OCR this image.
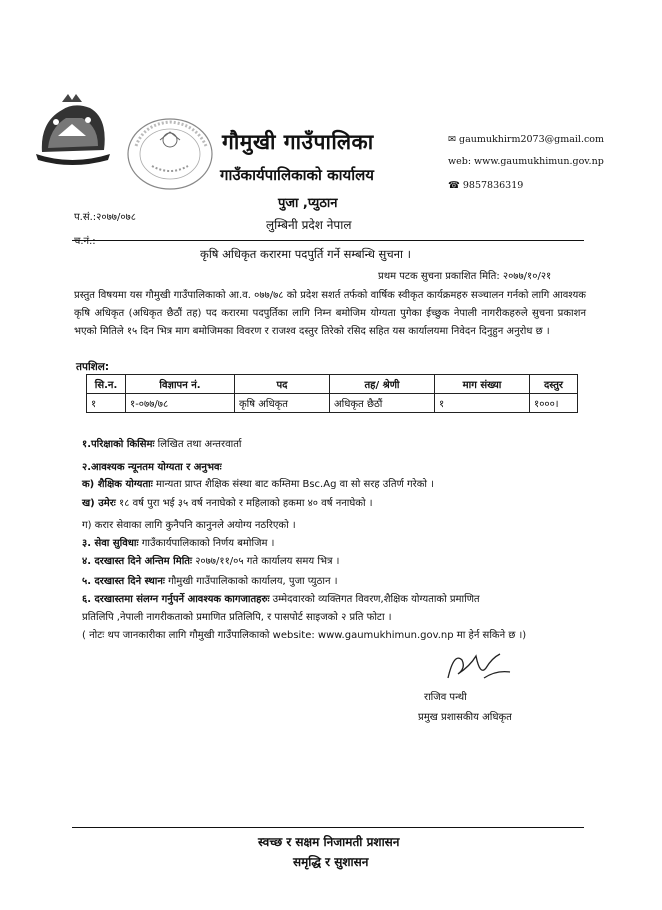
गौमुखी गाउँपालिका
गाउँकार्यपालिकाको कार्यालय
पुजा ,प्युठान
लुम्बिनी प्रदेश नेपाल
✉ gaumukhirm2073@gmail.com
web: www.gaumukhimun.gov.np
☎ 9857836319
प.सं.:२०७७/०७८
च.नं.:
कृषि अधिकृत करारमा पदपुर्ति गर्ने सम्बन्धि सुचना ।
प्रथम पटक सुचना प्रकाशित मिति: २०७७/१०/२१
प्रस्तुत विषयमा यस गौमुखी गाउँपालिकाको आ.व. ०७७/७८ को प्रदेश सशर्त तर्फको वार्षिक स्वीकृत कार्यक्रमहरु सञ्चालन गर्नको लागि आवश्यक कृषि अधिकृत (अधिकृत छैठौं तह) पद करारमा पदपुर्तिका लागि निम्न बमोजिम योग्यता पुगेका ईच्छुक नेपाली नागरीकहरुले सुचना प्रकाशन भएको मितिले १५ दिन भित्र माग बमोजिमका विवरण र राजश्व दस्तुर तिरेको रसिद सहित यस कार्यालयमा निवेदन दिनुहुन अनुरोध छ ।
तपशिल:
सि.न.	विज्ञापन नं.	पद	तह/ श्रेणी	माग संख्या	दस्तुर
१	१-०७७/७८	कृषि अधिकृत	अधिकृत छैठौं	१	१०००।
१.परिक्षाको किसिमः लिखित तथा अन्तरवार्ता
२.आवश्यक न्यूनतम योग्यता र अनुभवः
क) शैक्षिक योग्यताः मान्यता प्राप्त शैक्षिक संस्था बाट कम्तिमा Bsc.Ag वा सो सरह उतिर्ण गरेको ।
ख) उमेरः १८ वर्ष पुरा भई ३५ वर्ष ननाघेको र महिलाको हकमा ४० वर्ष ननाघेको ।
ग) करार सेवाका लागि कुनैपनि कानुनले अयोग्य नठरिएको ।
३. सेवा सुविधाः गाउँकार्यपालिकाको निर्णय बमोजिम ।
४. दरखास्त दिने अन्तिम मितिः २०७७/११/०५ गते कार्यालय समय भित्र ।
५. दरखास्त दिने स्थानः गौमुखी गाउँपालिकाको कार्यालय, पुजा प्युठान ।
६. दरखास्तमा संलग्न गर्नुपर्ने आवश्यक कागजातहरुः उम्मेदवारको व्यक्तिगत विवरण,शैक्षिक योग्यताको प्रमाणित
प्रतिलिपि ,नेपाली नागरीकताको प्रमाणित प्रतिलिपि, र पासपोर्ट साइजको २ प्रति फोटा ।
( नोटः थप जानकारीका लागि गौमुखी गाउँपालिकाको website: www.gaumukhimun.gov.np मा हेर्न सकिने छ ।)
राजिव पन्थी
प्रमुख प्रशासकीय अधिकृत
स्वच्छ र सक्षम निजामती प्रशासन
समृद्धि र सुशासन
